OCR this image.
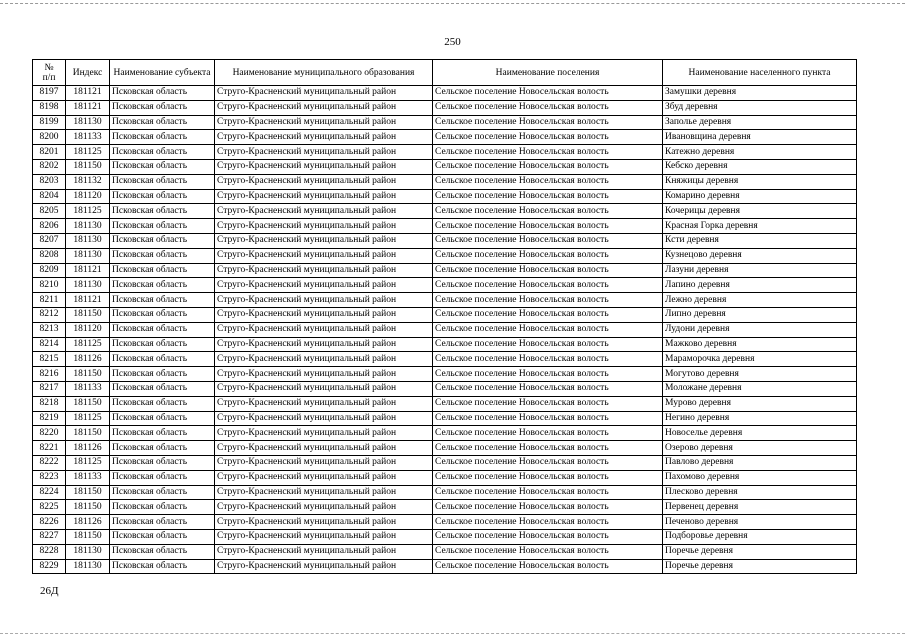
250
№
п/п	Индекс	Наименование субъекта	Наименование муниципального образования	Наименование поселения	Наименование населенного пункта
8197	181121	Псковская область	Струго-Красненский муниципальный район	Сельское поселение Новосельская волость	Замушки деревня
8198	181121	Псковская область	Струго-Красненский муниципальный район	Сельское поселение Новосельская волость	Збуд деревня
8199	181130	Псковская область	Струго-Красненский муниципальный район	Сельское поселение Новосельская волость	Заполье деревня
8200	181133	Псковская область	Струго-Красненский муниципальный район	Сельское поселение Новосельская волость	Ивановщина деревня
8201	181125	Псковская область	Струго-Красненский муниципальный район	Сельское поселение Новосельская волость	Катежно деревня
8202	181150	Псковская область	Струго-Красненский муниципальный район	Сельское поселение Новосельская волость	Кебско деревня
8203	181132	Псковская область	Струго-Красненский муниципальный район	Сельское поселение Новосельская волость	Княжицы деревня
8204	181120	Псковская область	Струго-Красненский муниципальный район	Сельское поселение Новосельская волость	Комарино деревня
8205	181125	Псковская область	Струго-Красненский муниципальный район	Сельское поселение Новосельская волость	Кочерицы деревня
8206	181130	Псковская область	Струго-Красненский муниципальный район	Сельское поселение Новосельская волость	Красная Горка деревня
8207	181130	Псковская область	Струго-Красненский муниципальный район	Сельское поселение Новосельская волость	Ксти деревня
8208	181130	Псковская область	Струго-Красненский муниципальный район	Сельское поселение Новосельская волость	Кузнецово деревня
8209	181121	Псковская область	Струго-Красненский муниципальный район	Сельское поселение Новосельская волость	Лазуни деревня
8210	181130	Псковская область	Струго-Красненский муниципальный район	Сельское поселение Новосельская волость	Лапино деревня
8211	181121	Псковская область	Струго-Красненский муниципальный район	Сельское поселение Новосельская волость	Лежно деревня
8212	181150	Псковская область	Струго-Красненский муниципальный район	Сельское поселение Новосельская волость	Липно деревня
8213	181120	Псковская область	Струго-Красненский муниципальный район	Сельское поселение Новосельская волость	Лудони деревня
8214	181125	Псковская область	Струго-Красненский муниципальный район	Сельское поселение Новосельская волость	Мажково деревня
8215	181126	Псковская область	Струго-Красненский муниципальный район	Сельское поселение Новосельская волость	Мараморочка деревня
8216	181150	Псковская область	Струго-Красненский муниципальный район	Сельское поселение Новосельская волость	Могутово деревня
8217	181133	Псковская область	Струго-Красненский муниципальный район	Сельское поселение Новосельская волость	Моложане деревня
8218	181150	Псковская область	Струго-Красненский муниципальный район	Сельское поселение Новосельская волость	Мурово деревня
8219	181125	Псковская область	Струго-Красненский муниципальный район	Сельское поселение Новосельская волость	Негино деревня
8220	181150	Псковская область	Струго-Красненский муниципальный район	Сельское поселение Новосельская волость	Новоселье деревня
8221	181126	Псковская область	Струго-Красненский муниципальный район	Сельское поселение Новосельская волость	Озерово деревня
8222	181125	Псковская область	Струго-Красненский муниципальный район	Сельское поселение Новосельская волость	Павлово деревня
8223	181133	Псковская область	Струго-Красненский муниципальный район	Сельское поселение Новосельская волость	Пахомово деревня
8224	181150	Псковская область	Струго-Красненский муниципальный район	Сельское поселение Новосельская волость	Плесково деревня
8225	181150	Псковская область	Струго-Красненский муниципальный район	Сельское поселение Новосельская волость	Первенец деревня
8226	181126	Псковская область	Струго-Красненский муниципальный район	Сельское поселение Новосельская волость	Печеново деревня
8227	181150	Псковская область	Струго-Красненский муниципальный район	Сельское поселение Новосельская волость	Подборовье деревня
8228	181130	Псковская область	Струго-Красненский муниципальный район	Сельское поселение Новосельская волость	Поречье деревня
8229	181130	Псковская область	Струго-Красненский муниципальный район	Сельское поселение Новосельская волость	Поречье деревня
26Д
